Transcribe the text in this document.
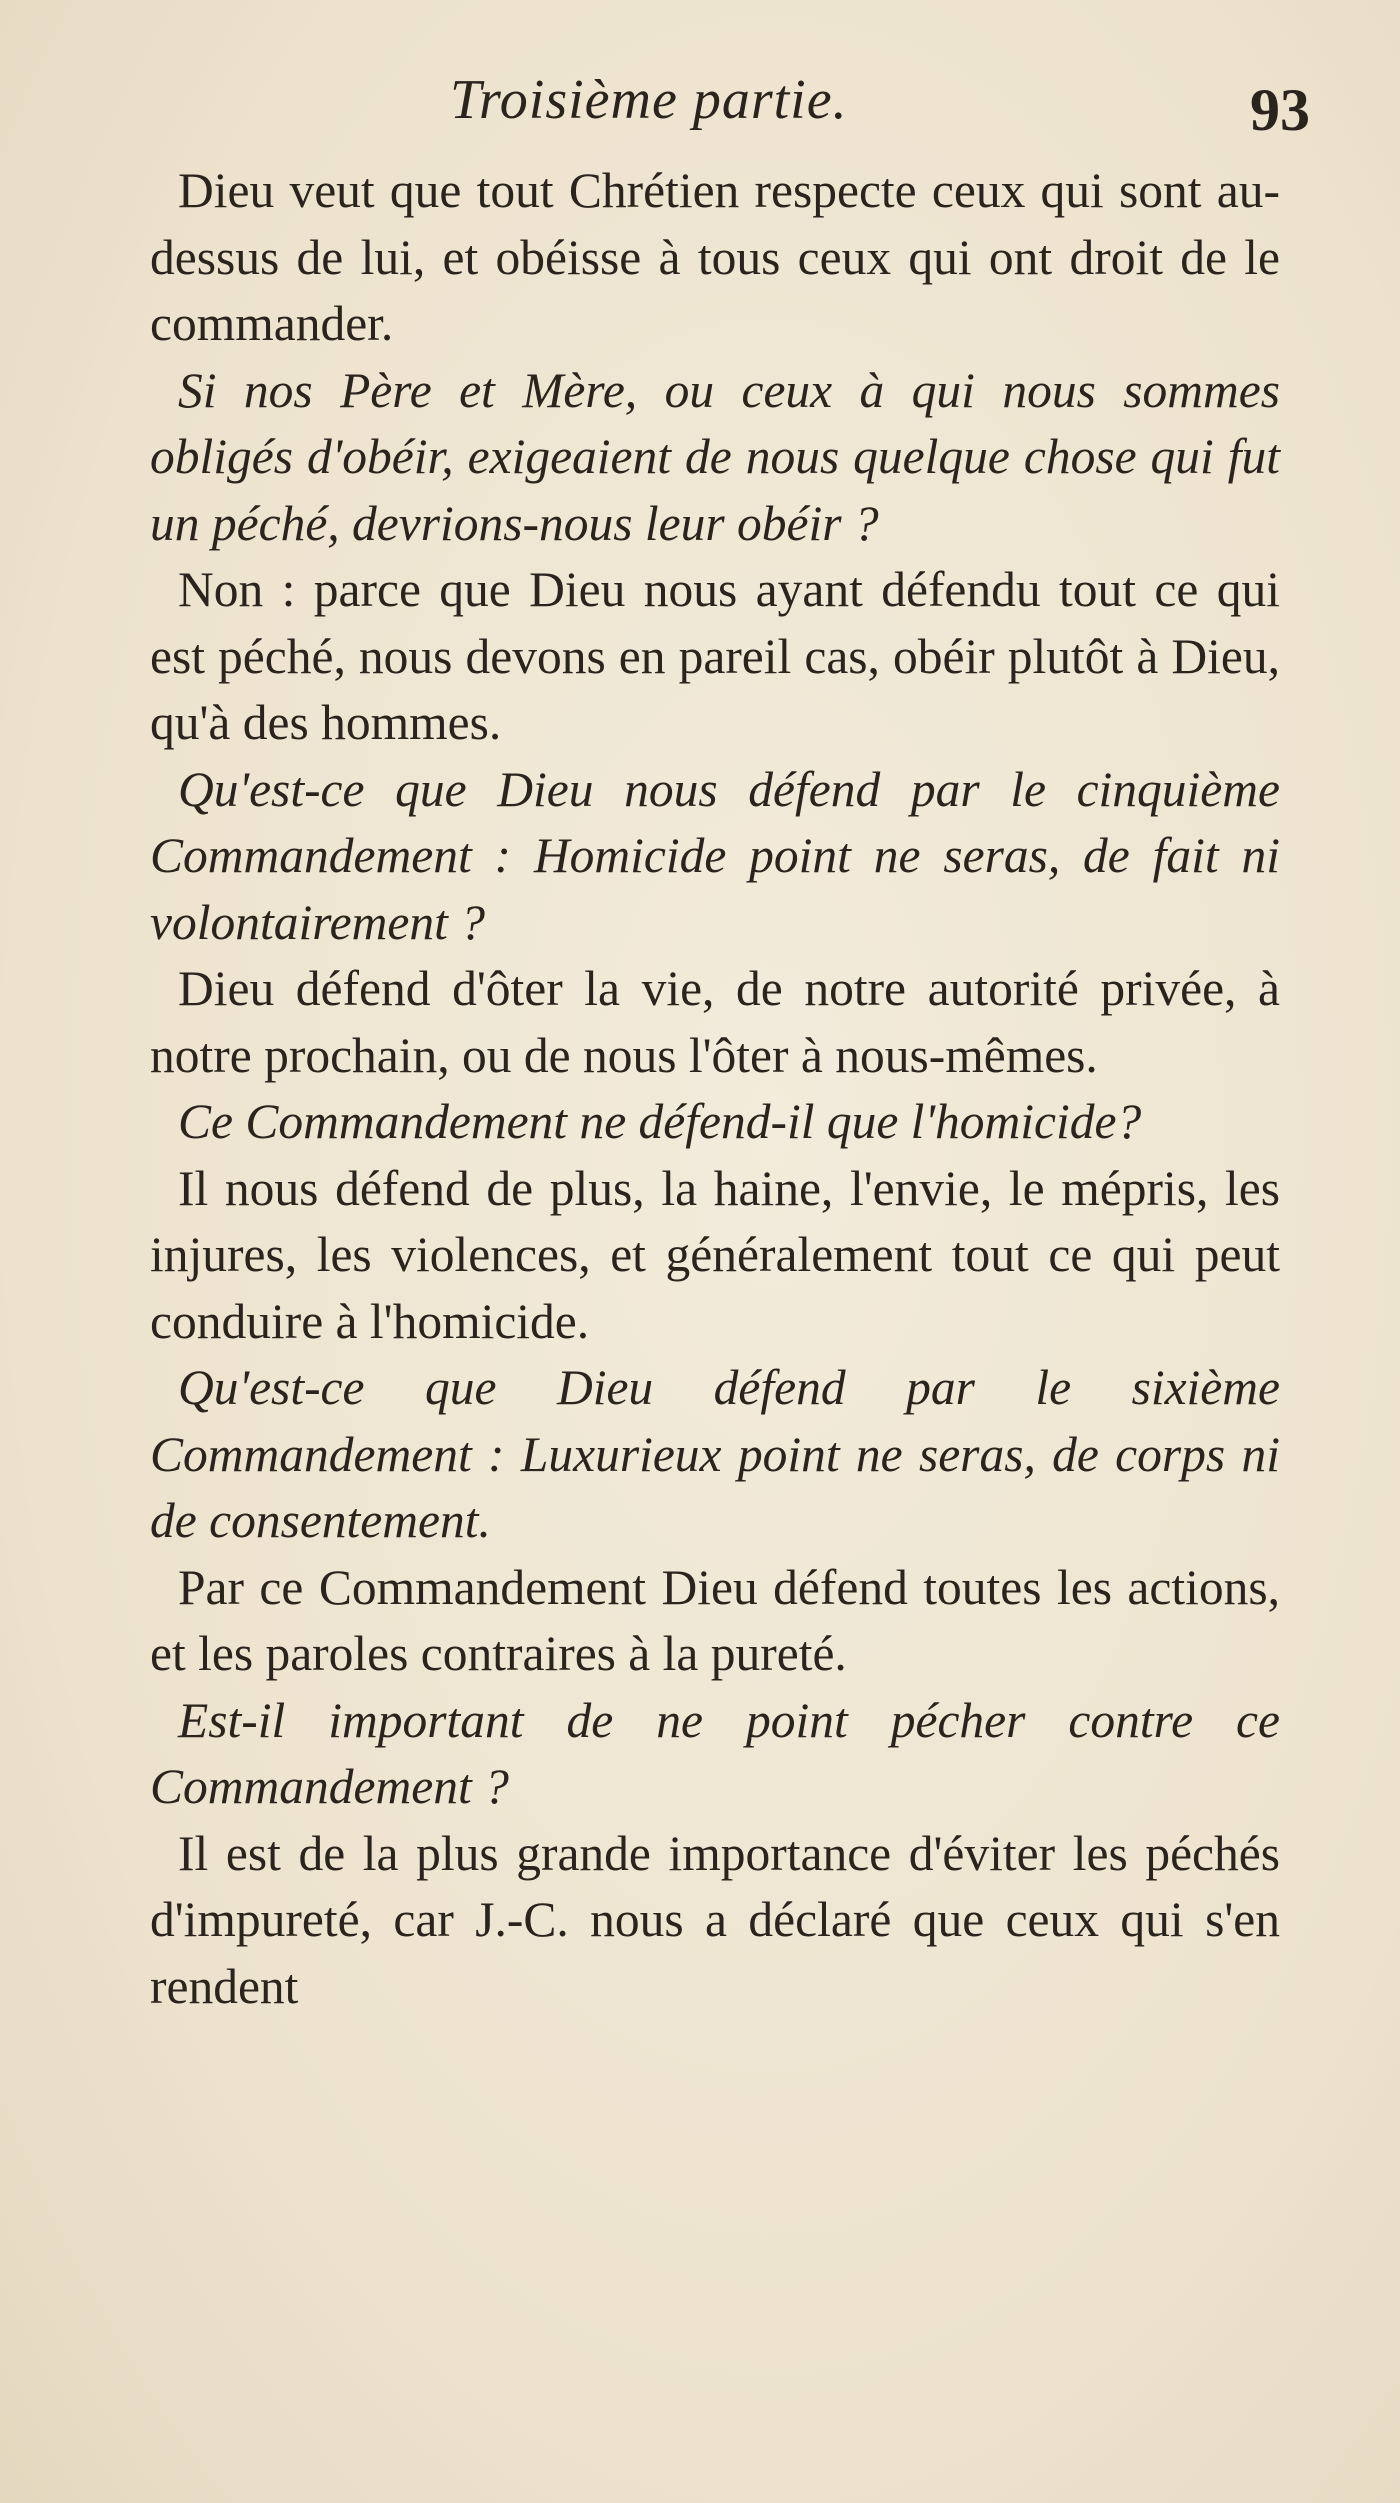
Troisième partie.	93

Dieu veut que tout Chrétien respecte ceux qui sont au-dessus de lui, et obéisse à tous ceux qui ont droit de le commander.

Si nos Père et Mère, ou ceux à qui nous sommes obligés d'obéir, exigeaient de nous quelque chose qui fut un péché, devrions-nous leur obéir ?

Non : parce que Dieu nous ayant défendu tout ce qui est péché, nous devons en pareil cas, obéir plutôt à Dieu, qu'à des hommes.

Qu'est-ce que Dieu nous défend par le cinquième Commandement : Homicide point ne seras, de fait ni volontairement ?

Dieu défend d'ôter la vie, de notre autorité privée, à notre prochain, ou de nous l'ôter à nous-mêmes.

Ce Commandement ne défend-il que l'homicide?

Il nous défend de plus, la haine, l'envie, le mépris, les injures, les violences, et généralement tout ce qui peut conduire à l'homicide.

Qu'est-ce que Dieu défend par le sixième Commandement : Luxurieux point ne seras, de corps ni de consentement.

Par ce Commandement Dieu défend toutes les actions, et les paroles contraires à la pureté.

Est-il important de ne point pécher contre ce Commandement ?

Il est de la plus grande importance d'éviter les péchés d'impureté, car J.-C. nous a déclaré que ceux qui s'en rendent
